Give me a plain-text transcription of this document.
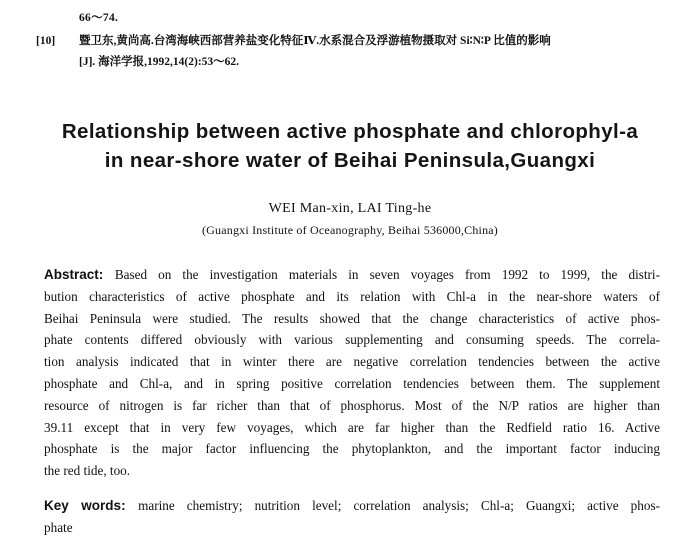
66～74.
[10] 暨卫东,黄尚高.台湾海峡西部营养盐变化特征Ⅳ.水系混合及浮游植物摄取对 Si∶N∶P 比值的影响
[J]. 海洋学报,1992,14(2):53～62.
Relationship between active phosphate and chlorophyl-a
in near-shore water of Beihai Peninsula,Guangxi
WEI Man-xin, LAI Ting-he
(Guangxi Institute of Oceanography, Beihai 536000,China)
Abstract: Based on the investigation materials in seven voyages from 1992 to 1999, the distri-
bution characteristics of active phosphate and its relation with Chl-a in the near-shore waters of
Beihai Peninsula were studied. The results showed that the change characteristics of active phos-
phate contents differed obviously with various supplementing and consuming speeds. The correla-
tion analysis indicated that in winter there are negative correlation tendencies between the active
phosphate and Chl-a, and in spring positive correlation tendencies between them. The supplement
resource of nitrogen is far richer than that of phosphorus. Most of the N/P ratios are higher than
39.11 except that in very few voyages, which are far higher than the Redfield ratio 16. Active
phosphate is the major factor influencing the phytoplankton, and the important factor inducing
the red tide, too.
Key words: marine chemistry; nutrition level; correlation analysis; Chl-a; Guangxi; active phos-
phate
